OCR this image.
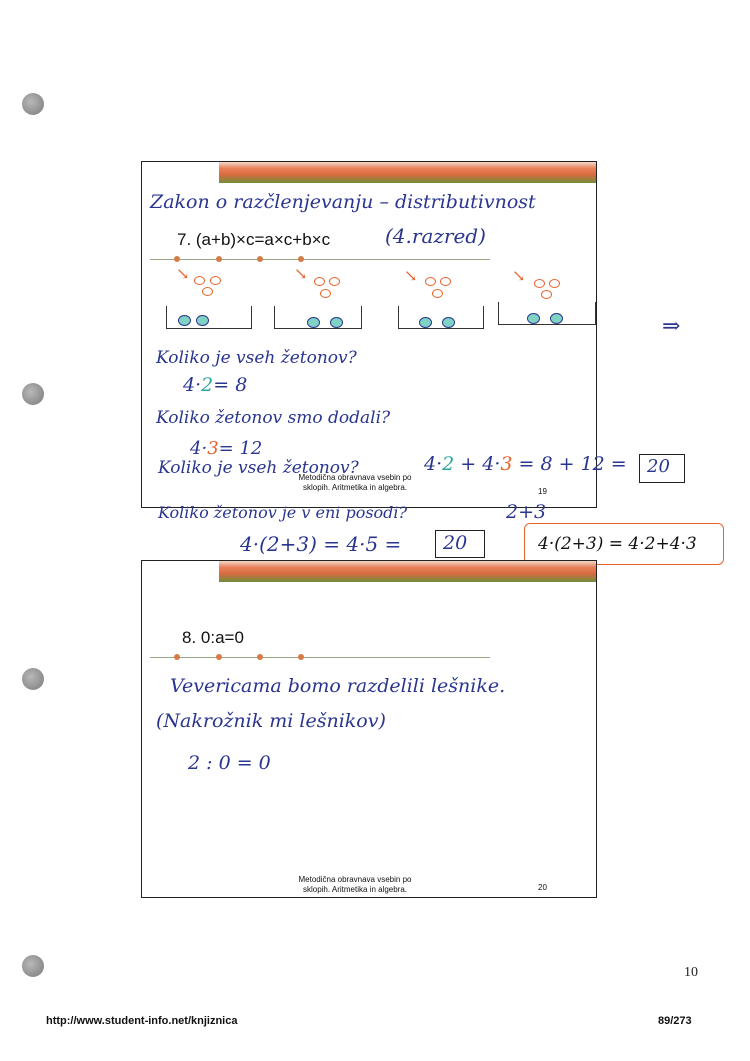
7. (a+b)×c=a×c+b×c
Metodična obravnava vsebin po sklopih. Aritmetika in algebra.	19
↘	↘	↘	↘
Zakon o razčlenjevanju – distributivnost
(4.razred)
Koliko je vseh žetonov?
4·2= 8
Koliko žetonov smo dodali?
4·3= 12
Koliko je vseh žetonov?	4·2 + 4·3 = 8 + 12 = 20
⇒
Koliko žetonov je v eni posodi?	2+3
4·(2+3) = 4·5 = 20	4·(2+3) = 4·2+4·3
8. 0:a=0
Metodična obravnava vsebin po sklopih. Aritmetika in algebra.	20
Vevericama bomo razdelili lešnike.
(Nakrožnik mi lešnikov)
2 : 0 = 0
10
http://www.student-info.net/knjiznica	89/273
